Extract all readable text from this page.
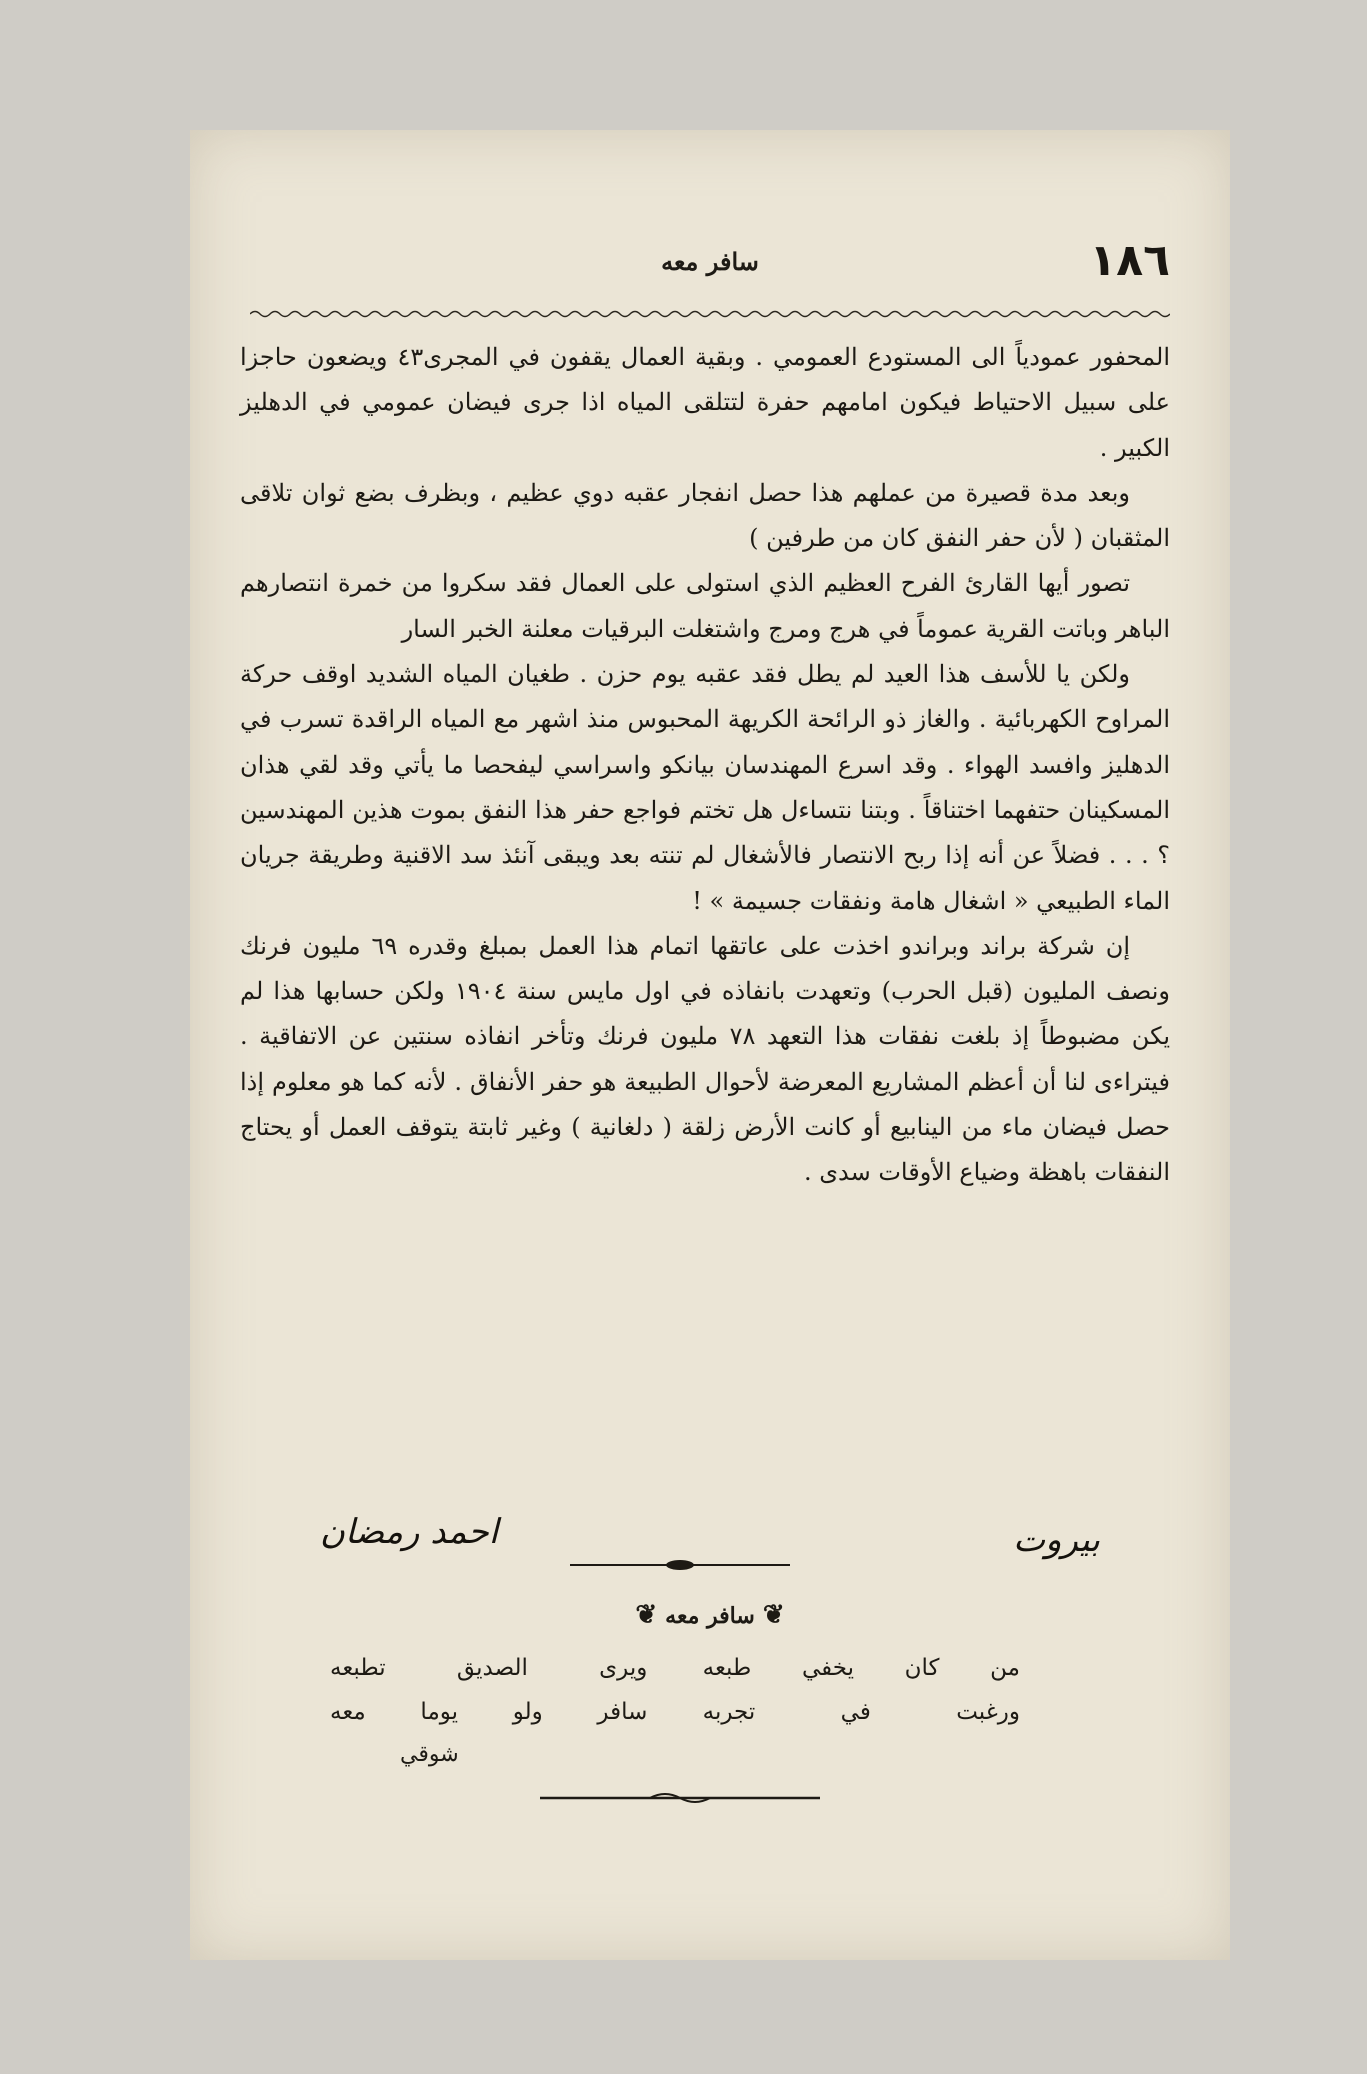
١٨٦
سافر معه

المحفور عمودياً الى المستودع العمومي . وبقية العمال يقفون في المجرى٤٣ ويضعون حاجزا على سبيل الاحتياط فيكون امامهم حفرة لتتلقى المياه اذا جرى فيضان عمومي في الدهليز الكبير .

وبعد مدة قصيرة من عملهم هذا حصل انفجار عقبه دوي عظيم ، وبظرف بضع ثوان تلاقى المثقبان ( لأن حفر النفق كان من طرفين )

تصور أيها القارئ الفرح العظيم الذي استولى على العمال فقد سكروا من خمرة انتصارهم الباهر وباتت القرية عموماً في هرج ومرج واشتغلت البرقيات معلنة الخبر السار

ولكن يا للأسف هذا العيد لم يطل فقد عقبه يوم حزن . طغيان المياه الشديد اوقف حركة المراوح الكهربائية . والغاز ذو الرائحة الكريهة المحبوس منذ اشهر مع المياه الراقدة تسرب في الدهليز وافسد الهواء . وقد اسرع المهندسان بيانكو واسراسي ليفحصا ما يأتي وقد لقي هذان المسكينان حتفهما اختناقاً . وبتنا نتساءل هل تختم فواجع حفر هذا النفق بموت هذين المهندسين ؟ . . . فضلاً عن أنه إذا ربح الانتصار فالأشغال لم تنته بعد ويبقى آنئذ سد الاقنية وطريقة جريان الماء الطبيعي « اشغال هامة ونفقات جسيمة » !

إن شركة براند وبراندو اخذت على عاتقها اتمام هذا العمل بمبلغ وقدره ٦٩ مليون فرنك ونصف المليون (قبل الحرب) وتعهدت بانفاذه في اول مايس سنة ١٩٠٤ ولكن حسابها هذا لم يكن مضبوطاً إذ بلغت نفقات هذا التعهد ٧٨ مليون فرنك وتأخر انفاذه سنتين عن الاتفاقية . فيتراءى لنا أن أعظم المشاريع المعرضة لأحوال الطبيعة هو حفر الأنفاق . لأنه كما هو معلوم إذا حصل فيضان ماء من الينابيع أو كانت الأرض زلقة ( دلغانية ) وغير ثابتة يتوقف العمل أو يحتاج النفقات باهظة وضياع الأوقات سدى .

بيروت
احمد رمضان
❦سافر معه❦
من كان يخفي طبعه
ويرى الصديق تطبعه
ورغبت في تجربه
سافر ولو يوما معه
شوقي
